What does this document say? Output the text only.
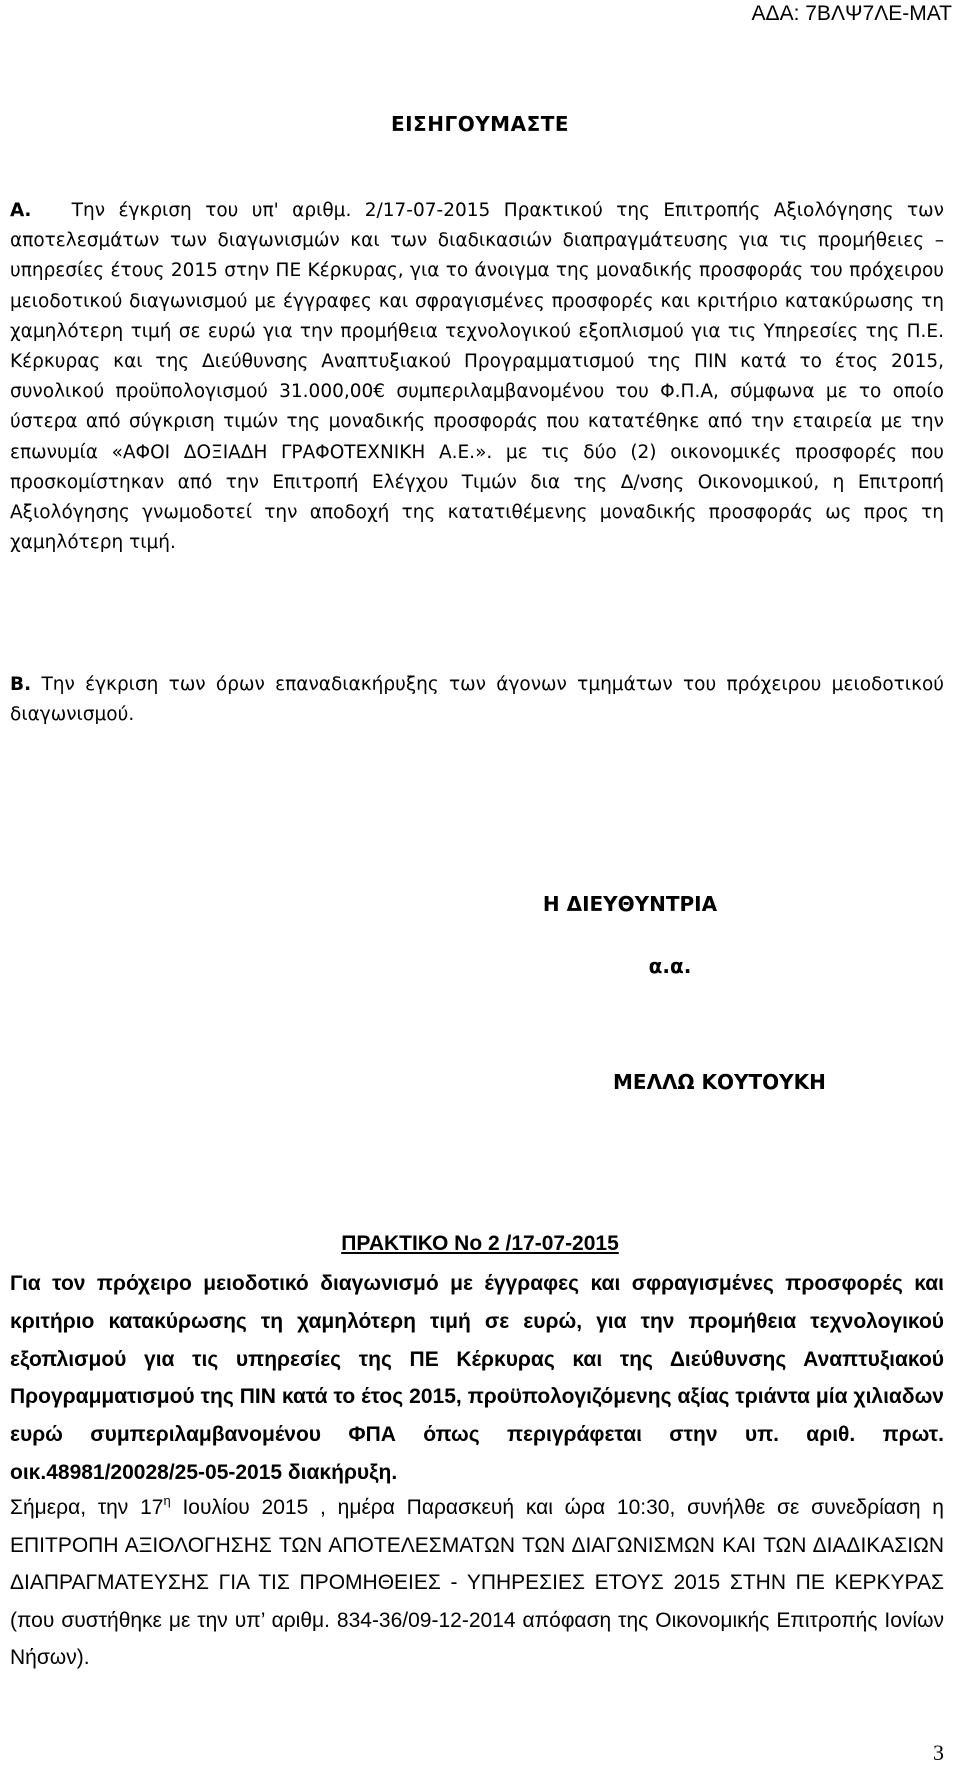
ΑΔΑ: 7ΒΛΨ7ΛΕ-ΜΑΤ
ΕΙΣΗΓΟΥΜΑΣΤΕ

Α. Την έγκριση του υπ' αριθμ. 2/17-07-2015 Πρακτικού της Επιτροπής Αξιολόγησης των αποτελεσμάτων των διαγωνισμών και των διαδικασιών διαπραγμάτευσης για τις προμήθειες – υπηρεσίες έτους 2015 στην ΠΕ Κέρκυρας, για το άνοιγμα της μοναδικής προσφοράς του πρόχειρου μειοδοτικού διαγωνισμού με έγγραφες και σφραγισμένες προσφορές και κριτήριο κατακύρωσης τη χαμηλότερη τιμή σε ευρώ για την προμήθεια τεχνολογικού εξοπλισμού για τις Υπηρεσίες της Π.Ε. Κέρκυρας και της Διεύθυνσης Αναπτυξιακού Προγραμματισμού της ΠΙΝ κατά το έτος 2015, συνολικού προϋπολογισμού 31.000,00€ συμπεριλαμβανομένου του Φ.Π.Α, σύμφωνα με το οποίο ύστερα από σύγκριση τιμών της μοναδικής προσφοράς που κατατέθηκε από την εταιρεία με την επωνυμία «ΑΦΟΙ ΔΟΞΙΑΔΗ ΓΡΑΦΟΤΕΧΝΙΚΗ Α.Ε.». με τις δύο (2) οικονομικές προσφορές που προσκομίστηκαν από την Επιτροπή Ελέγχου Τιμών δια της Δ/νσης Οικονομικού, η Επιτροπή Αξιολόγησης γνωμοδοτεί την αποδοχή της κατατιθέμενης μοναδικής προσφοράς ως προς τη χαμηλότερη τιμή.

Β. Την έγκριση των όρων επαναδιακήρυξης των άγονων τμημάτων του πρόχειρου μειοδοτικού διαγωνισμού.

Η ΔΙΕΥΘΥΝΤΡΙΑ
α.α.
ΜΕΛΛΩ ΚΟΥΤΟΥΚΗ
ΠΡΑΚΤΙΚΟ Νο 2 /17-07-2015

Για τον πρόχειρο μειοδοτικό διαγωνισμό με έγγραφες και σφραγισμένες προσφορές και κριτήριο κατακύρωσης τη χαμηλότερη τιμή σε ευρώ, για την προμήθεια τεχνολογικού εξοπλισμού για τις υπηρεσίες της ΠΕ Κέρκυρας και της Διεύθυνσης Αναπτυξιακού Προγραμματισμού της ΠΙΝ κατά το έτος 2015, προϋπολογιζόμενης αξίας τριάντα μία χιλιαδων ευρώ συμπεριλαμβανομένου ΦΠΑ όπως περιγράφεται στην υπ. αριθ. πρωτ. οικ.48981/20028/25-05-2015 διακήρυξη.

Σήμερα, την $17^\eta$ Ιουλίου 2015 , ημέρα Παρασκευή και ώρα 10:30, συνήλθε σε συνεδρίαση η ΕΠΙΤΡΟΠΗ ΑΞΙΟΛΟΓΗΣΗΣ ΤΩΝ ΑΠΟΤΕΛΕΣΜΑΤΩΝ ΤΩΝ ΔΙΑΓΩΝΙΣΜΩΝ ΚΑΙ ΤΩΝ ΔΙΑΔΙΚΑΣΙΩΝ ΔΙΑΠΡΑΓΜΑΤΕΥΣΗΣ ΓΙΑ ΤΙΣ ΠΡΟΜΗΘΕΙΕΣ - ΥΠΗΡΕΣΙΕΣ ΕΤΟΥΣ 2015 ΣΤΗΝ ΠΕ ΚΕΡΚΥΡΑΣ (που συστήθηκε με την υπ’ αριθμ. 834-36/09-12-2014 απόφαση της Οικονομικής Επιτροπής Ιονίων Νήσων).

3
